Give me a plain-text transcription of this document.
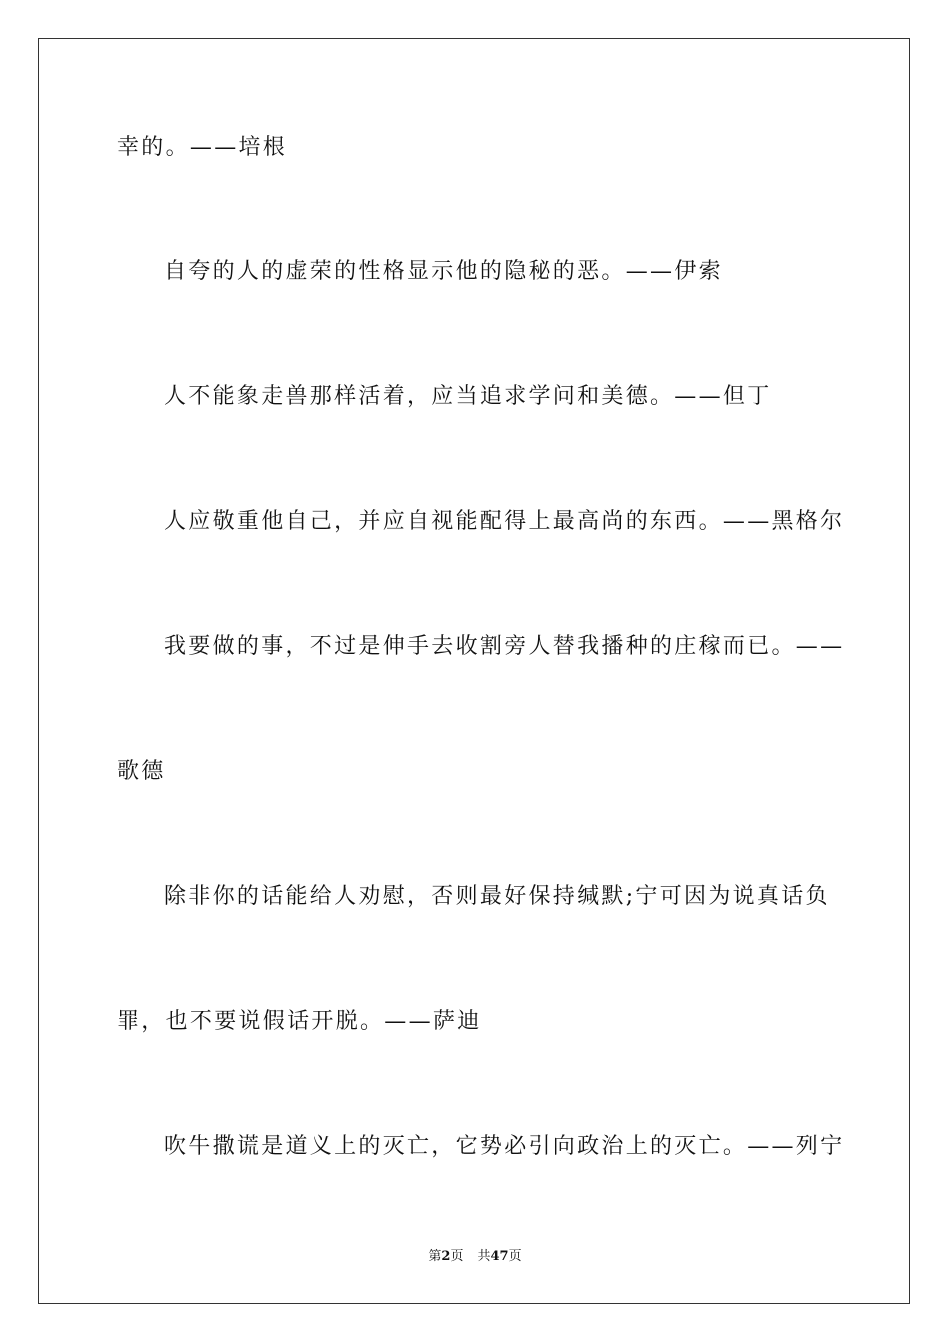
幸的。——培根
自夸的人的虚荣的性格显示他的隐秘的恶。——伊索
人不能象走兽那样活着，应当追求学问和美德。——但丁
人应敬重他自己，并应自视能配得上最高尚的东西。——黑格尔
我要做的事，不过是伸手去收割旁人替我播种的庄稼而已。——
歌德
除非你的话能给人劝慰，否则最好保持缄默;宁可因为说真话负
罪，也不要说假话开脱。——萨迪
吹牛撒谎是道义上的灭亡，它势必引向政治上的灭亡。——列宁
第2页 共47页
